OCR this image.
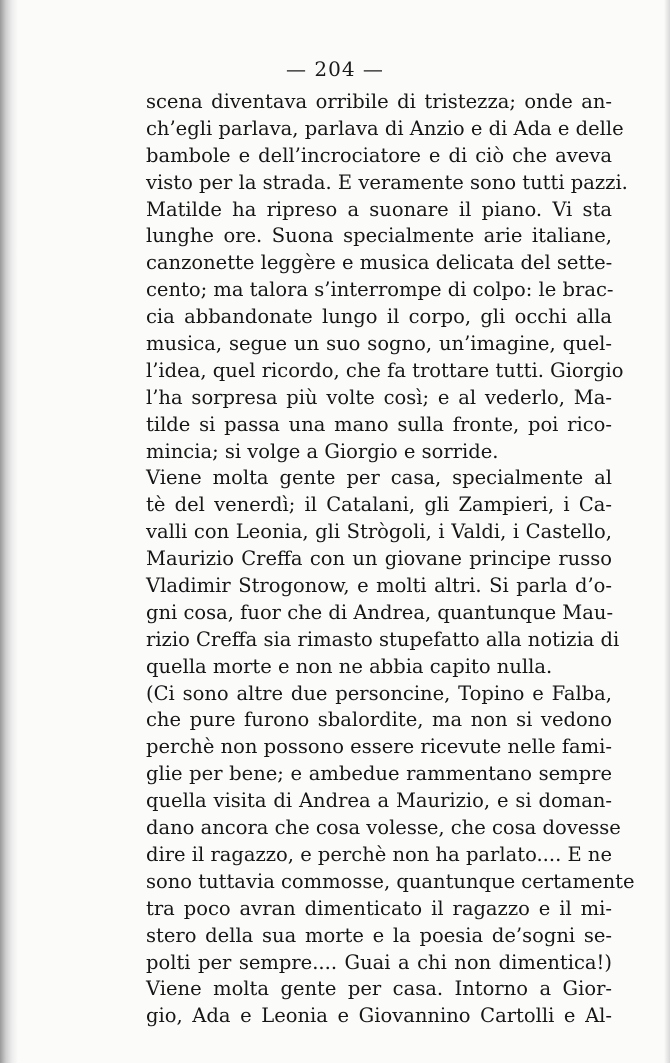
— 204 —
scena diventava orribile di tristezza; onde an-
ch’egli parlava, parlava di Anzio e di Ada e delle
bambole e dell’incrociatore e di ciò che aveva
visto per la strada. E veramente sono tutti pazzi.
Matilde ha ripreso a suonare il piano. Vi sta
lunghe ore. Suona specialmente arie italiane,
canzonette leggère e musica delicata del sette-
cento; ma talora s’interrompe di colpo: le brac-
cia abbandonate lungo il corpo, gli occhi alla
musica, segue un suo sogno, un’imagine, quel-
l’idea, quel ricordo, che fa trottare tutti. Giorgio
l’ha sorpresa più volte così; e al vederlo, Ma-
tilde si passa una mano sulla fronte, poi rico-
mincia; si volge a Giorgio e sorride.
Viene molta gente per casa, specialmente al
tè del venerdì; il Catalani, gli Zampieri, i Ca-
valli con Leonia, gli Strògoli, i Valdi, i Castello,
Maurizio Creffa con un giovane principe russo
Vladimir Strogonow, e molti altri. Si parla d’o-
gni cosa, fuor che di Andrea, quantunque Mau-
rizio Creffa sia rimasto stupefatto alla notizia di
quella morte e non ne abbia capito nulla.
(Ci sono altre due personcine, Topino e Falba,
che pure furono sbalordite, ma non si vedono
perchè non possono essere ricevute nelle fami-
glie per bene; e ambedue rammentano sempre
quella visita di Andrea a Maurizio, e si doman-
dano ancora che cosa volesse, che cosa dovesse
dire il ragazzo, e perchè non ha parlato.... E ne
sono tuttavia commosse, quantunque certamente
tra poco avran dimenticato il ragazzo e il mi-
stero della sua morte e la poesia de’sogni se-
polti per sempre.... Guai a chi non dimentica!)
Viene molta gente per casa. Intorno a Gior-
gio, Ada e Leonia e Giovannino Cartolli e Al-
